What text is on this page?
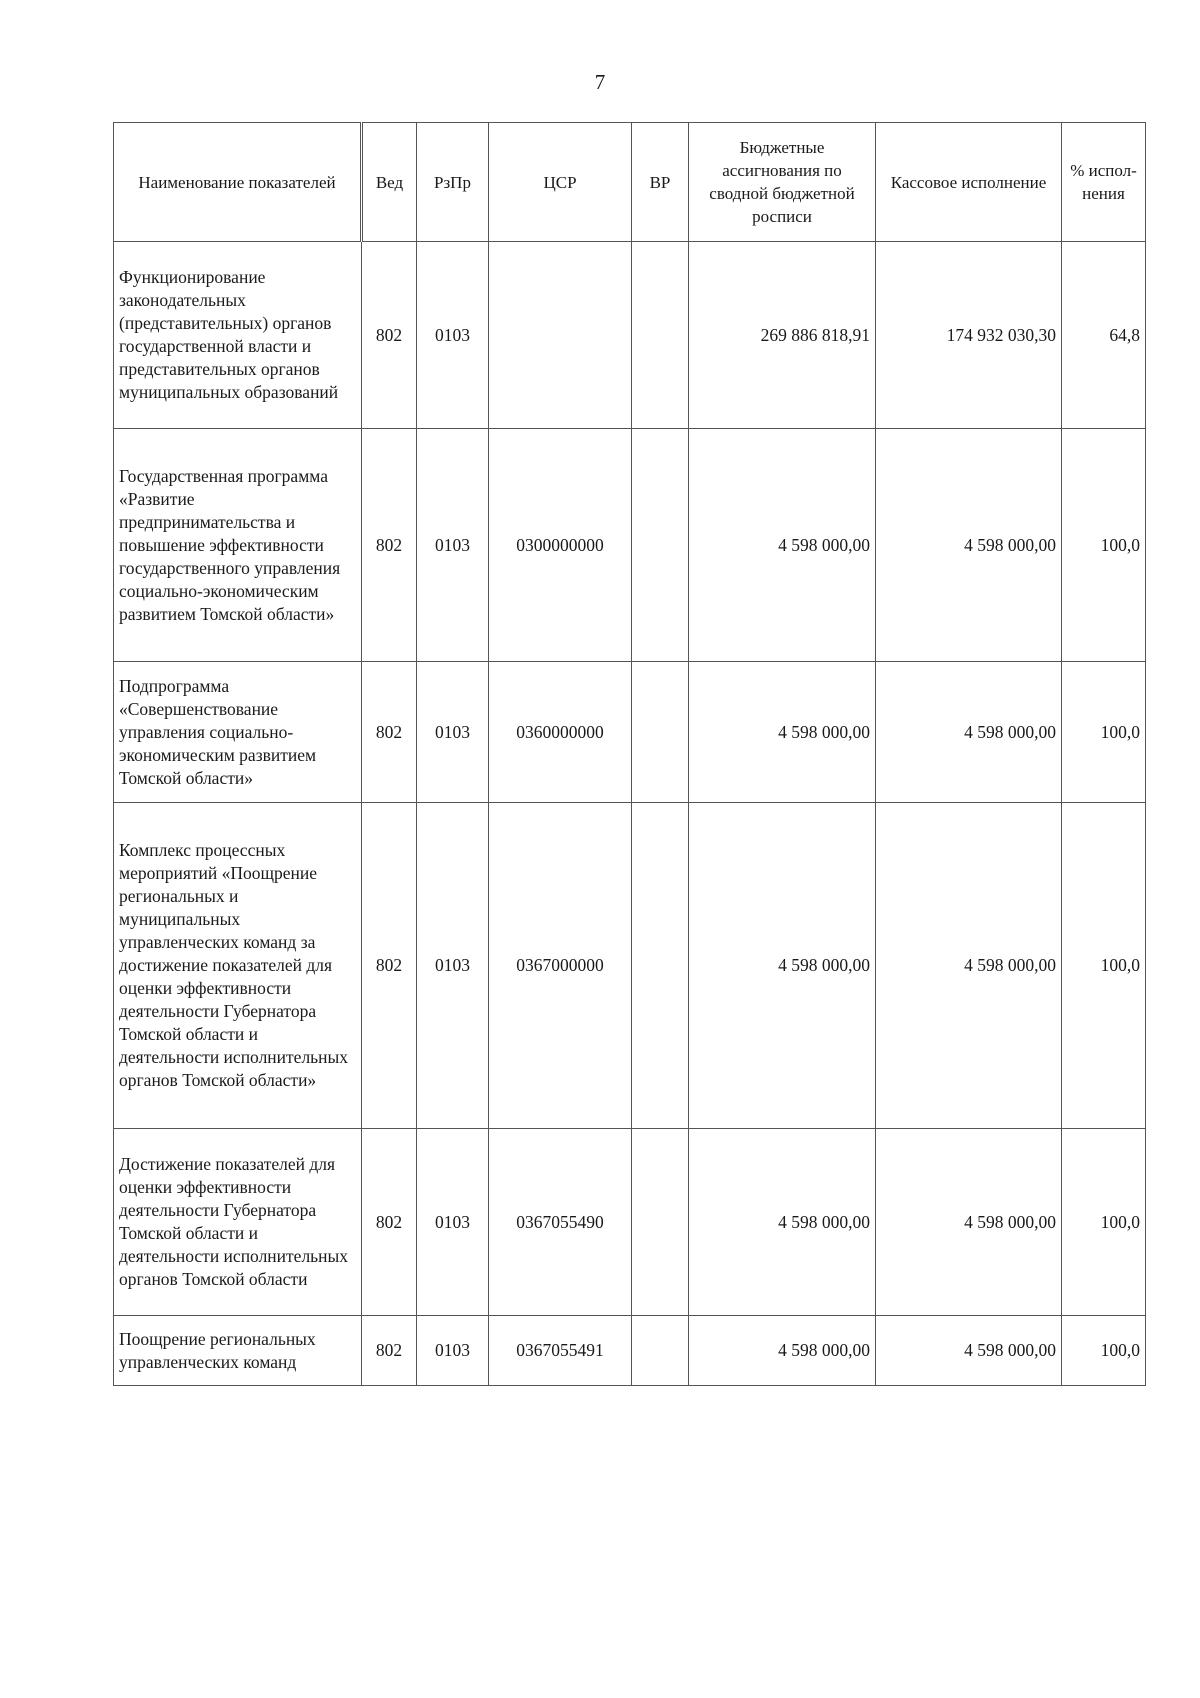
7
Наименование показателей	Вед	РзПр	ЦСР	ВР	Бюджетные ассигнования по сводной бюджетной росписи	Кассовое исполнение	% испол-нения
Функционирование законодательных (представительных) органов государственной власти и представительных органов муниципальных образований	802	0103			269 886 818,91	174 932 030,30	64,8
Государственная программа «Развитие предпринимательства и повышение эффективности государственного управления социально-экономическим развитием Томской области»	802	0103	0300000000		4 598 000,00	4 598 000,00	100,0
Подпрограмма «Совершенствование управления социально-экономическим развитием Томской области»	802	0103	0360000000		4 598 000,00	4 598 000,00	100,0
Комплекс процессных мероприятий «Поощрение региональных и муниципальных управленческих команд за достижение показателей для оценки эффективности деятельности Губернатора Томской области и деятельности исполнительных органов Томской области»	802	0103	0367000000		4 598 000,00	4 598 000,00	100,0
Достижение показателей для оценки эффективности деятельности Губернатора Томской области и деятельности исполнительных органов Томской области	802	0103	0367055490		4 598 000,00	4 598 000,00	100,0
Поощрение региональных управленческих команд	802	0103	0367055491		4 598 000,00	4 598 000,00	100,0
